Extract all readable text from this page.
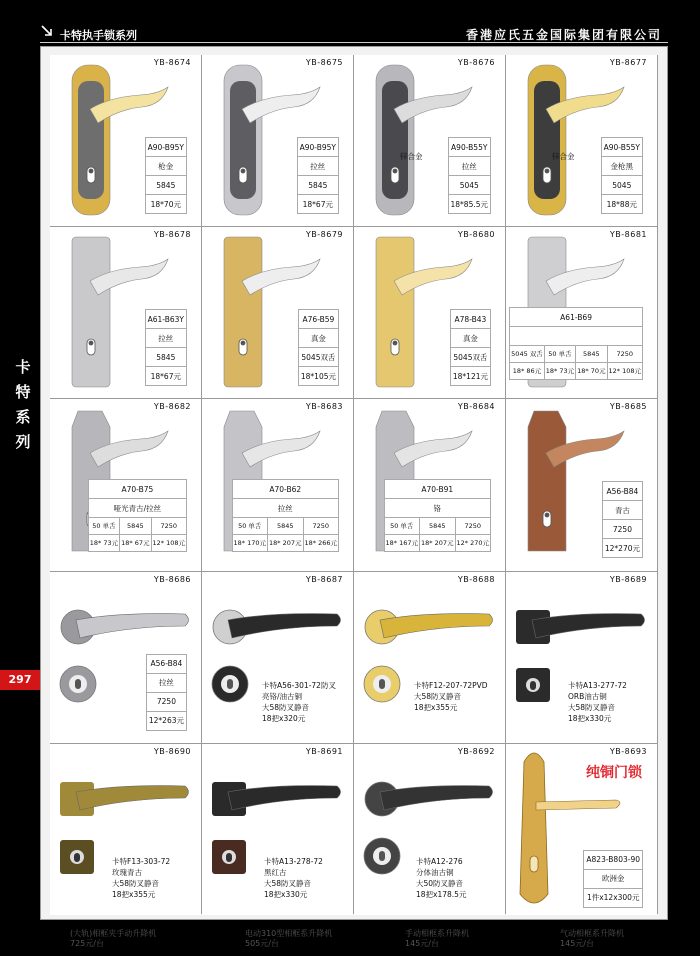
卡特执手锁系列	香港应氏五金国际集团有限公司
卡
特
系
列
297
YB-8674
A90-B95Y
枪金
5845
18*70元
YB-8675
A90-B95Y
拉丝
5845
18*67元
YB-8676
锌合金
A90-B55Y
拉丝
5045
18*85.5元
YB-8677
锌合金
A90-B55Y
金枪黑
5045
18*88元
YB-8678
A61-B63Y
拉丝
5845
18*67元
YB-8679
A76-B59
真金
5045双舌
18*105元
YB-8680
A78-B43
真金
5045双舌
18*121元
YB-8681
A61-B69

5045 双舌	50 单舌	5845	7250
18* 86元	18* 73元	18* 70元	12* 108元
YB-8682
A70-B75
哑光青古/拉丝
50 单舌	5845	7250
18* 73元	18* 67元	12* 108元
YB-8683
A70-B62
拉丝
50 单舌	5845	7250
18* 170元	18* 207元	18* 266元
YB-8684
A70-B91
铬
50 单舌	5845	7250
18* 167元	18* 207元	12* 270元
YB-8685
A56-B84
青古
7250
12*270元
YB-8686
A56-B84
拉丝
7250
12*263元
YB-8687
卡特A56-301-72防叉
亮铬/油古铜
大58防叉静音
18把x320元
YB-8688
卡特F12-207-72PVD
大58防叉静音
18把x355元
YB-8689
卡特A13-277-72
ORB油古铜
大58防叉静音
18把x330元
YB-8690
卡特F13-303-72
玫瑰青古
大58防叉静音
18把x355元
YB-8691
卡特A13-278-72
黑红古
大58防叉静音
18把x330元
YB-8692
卡特A12-276
分体油古铜
大50防叉静音
18把x178.5元
YB-8693
纯铜门锁
A823-B803-90
欧洲金
1件x12x300元
(大轨)相框夹手动升降机
725元/台
电动310型相框系升降机
505元/台
手动相框系升降机
145元/台
气动相框系升降机
145元/台
